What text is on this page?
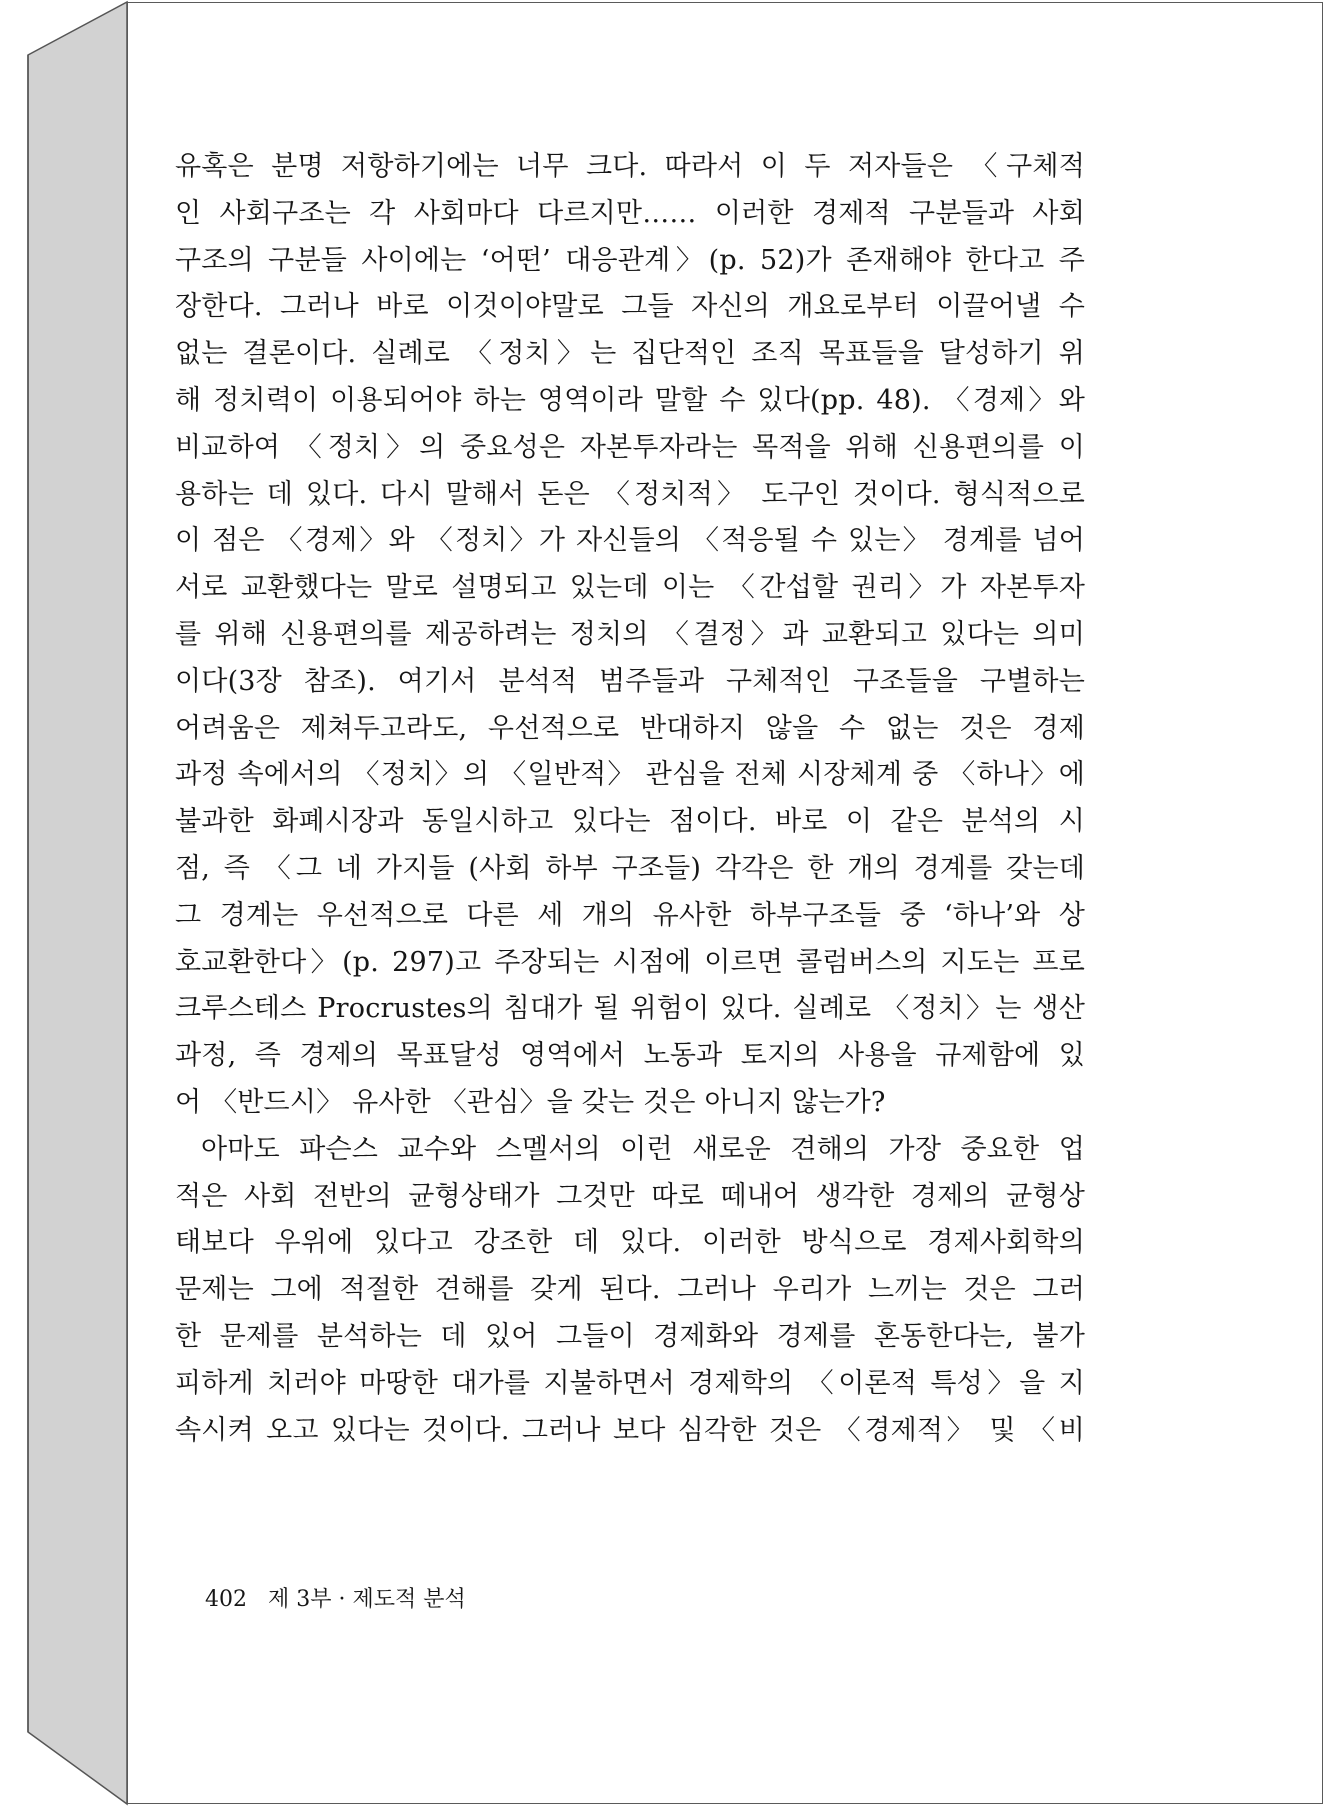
유혹은 분명 저항하기에는 너무 크다. 따라서 이 두 저자들은 〈구체적
인 사회구조는 각 사회마다 다르지만…… 이러한 경제적 구분들과 사회
구조의 구분들 사이에는 ‘어떤’ 대응관계〉(p. 52)가 존재해야 한다고 주
장한다. 그러나 바로 이것이야말로 그들 자신의 개요로부터 이끌어낼 수
없는 결론이다. 실례로 〈정치〉는 집단적인 조직 목표들을 달성하기 위
해 정치력이 이용되어야 하는 영역이라 말할 수 있다(pp. 48). 〈경제〉와
비교하여 〈정치〉의 중요성은 자본투자라는 목적을 위해 신용편의를 이
용하는 데 있다. 다시 말해서 돈은 〈정치적〉 도구인 것이다. 형식적으로
이 점은 〈경제〉와 〈정치〉가 자신들의 〈적응될 수 있는〉 경계를 넘어
서로 교환했다는 말로 설명되고 있는데 이는 〈간섭할 권리〉가 자본투자
를 위해 신용편의를 제공하려는 정치의 〈결정〉과 교환되고 있다는 의미
이다(3장 참조). 여기서 분석적 범주들과 구체적인 구조들을 구별하는
어려움은 제쳐두고라도, 우선적으로 반대하지 않을 수 없는 것은 경제
과정 속에서의 〈정치〉의 〈일반적〉 관심을 전체 시장체계 중 〈하나〉에
불과한 화폐시장과 동일시하고 있다는 점이다. 바로 이 같은 분석의 시
점, 즉 〈그 네 가지들 (사회 하부 구조들) 각각은 한 개의 경계를 갖는데
그 경계는 우선적으로 다른 세 개의 유사한 하부구조들 중 ‘하나’와 상
호교환한다〉(p. 297)고 주장되는 시점에 이르면 콜럼버스의 지도는 프로
크루스테스 Procrustes의 침대가 될 위험이 있다. 실례로 〈정치〉는 생산
과정, 즉 경제의 목표달성 영역에서 노동과 토지의 사용을 규제함에 있
어 〈반드시〉 유사한 〈관심〉을 갖는 것은 아니지 않는가?
아마도 파슨스 교수와 스멜서의 이런 새로운 견해의 가장 중요한 업
적은 사회 전반의 균형상태가 그것만 따로 떼내어 생각한 경제의 균형상
태보다 우위에 있다고 강조한 데 있다. 이러한 방식으로 경제사회학의
문제는 그에 적절한 견해를 갖게 된다. 그러나 우리가 느끼는 것은 그러
한 문제를 분석하는 데 있어 그들이 경제화와 경제를 혼동한다는, 불가
피하게 치러야 마땅한 대가를 지불하면서 경제학의 〈이론적 특성〉을 지
속시켜 오고 있다는 것이다. 그러나 보다 심각한 것은 〈경제적〉 및 〈비
402 제 3부 · 제도적 분석
